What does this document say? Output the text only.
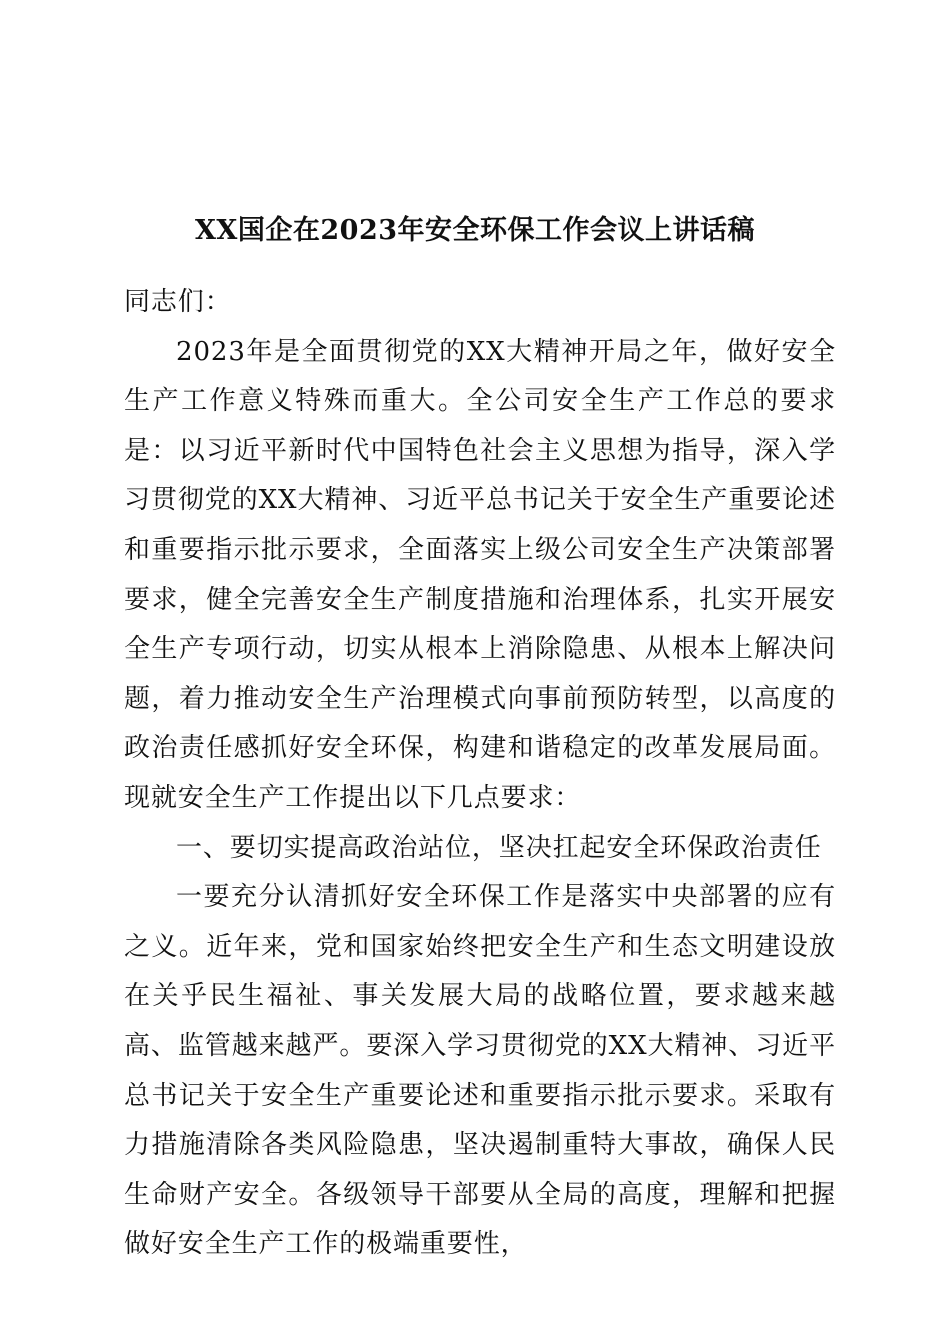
XX国企在2023年安全环保工作会议上讲话稿

同志们：

2023年是全面贯彻党的XX大精神开局之年，做好安全生产工作意义特殊而重大。全公司安全生产工作总的要求是：以习近平新时代中国特色社会主义思想为指导，深入学习贯彻党的XX大精神、习近平总书记关于安全生产重要论述和重要指示批示要求，全面落实上级公司安全生产决策部署要求，健全完善安全生产制度措施和治理体系，扎实开展安全生产专项行动，切实从根本上消除隐患、从根本上解决问题，着力推动安全生产治理模式向事前预防转型，以高度的政治责任感抓好安全环保，构建和谐稳定的改革发展局面。现就安全生产工作提出以下几点要求：

一、要切实提高政治站位，坚决扛起安全环保政治责任

一要充分认清抓好安全环保工作是落实中央部署的应有之义。近年来，党和国家始终把安全生产和生态文明建设放在关乎民生福祉、事关发展大局的战略位置，要求越来越高、监管越来越严。要深入学习贯彻党的XX大精神、习近平总书记关于安全生产重要论述和重要指示批示要求。采取有力措施清除各类风险隐患，坚决遏制重特大事故，确保人民生命财产安全。各级领导干部要从全局的高度，理解和把握做好安全生产工作的极端重要性，
